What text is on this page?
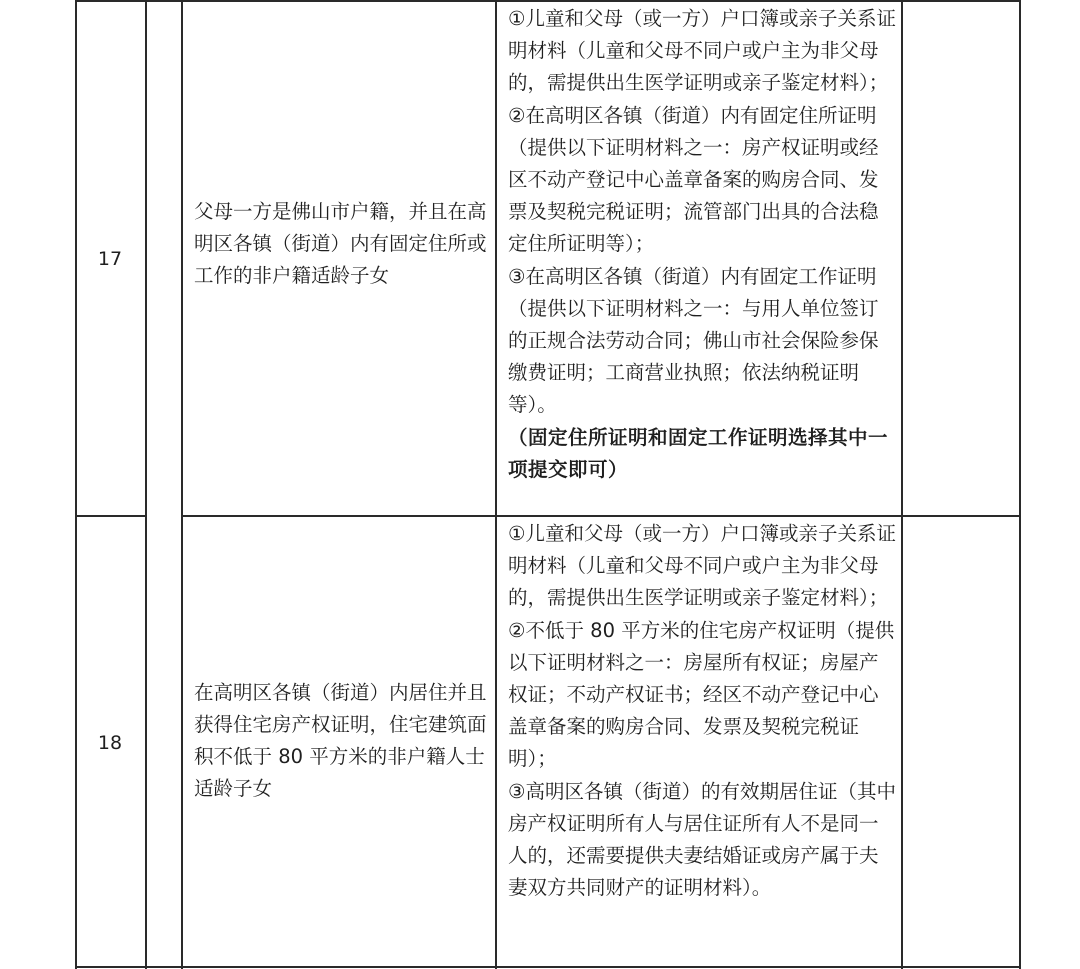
17
父母一方是佛山市户籍，并且在高明区各镇（街道）内有固定住所或工作的非户籍适龄子女

①儿童和父母（或一方）户口簿或亲子关系证明材料（儿童和父母不同户或户主为非父母的，需提供出生医学证明或亲子鉴定材料）；

②在高明区各镇（街道）内有固定住所证明（提供以下证明材料之一：房产权证明或经区不动产登记中心盖章备案的购房合同、发票及契税完税证明；流管部门出具的合法稳定住所证明等）；

③在高明区各镇（街道）内有固定工作证明（提供以下证明材料之一：与用人单位签订的正规合法劳动合同；佛山市社会保险参保缴费证明；工商营业执照；依法纳税证明等）。

（固定住所证明和固定工作证明选择其中一项提交即可）

18
在高明区各镇（街道）内居住并且获得住宅房产权证明，住宅建筑面积不低于 80 平方米的非户籍人士适龄子女

①儿童和父母（或一方）户口簿或亲子关系证明材料（儿童和父母不同户或户主为非父母的，需提供出生医学证明或亲子鉴定材料）；

②不低于 80 平方米的住宅房产权证明（提供以下证明材料之一：房屋所有权证；房屋产权证；不动产权证书；经区不动产登记中心盖章备案的购房合同、发票及契税完税证明）；

③高明区各镇（街道）的有效期居住证（其中房产权证明所有人与居住证所有人不是同一人的，还需要提供夫妻结婚证或房产属于夫妻双方共同财产的证明材料）。
